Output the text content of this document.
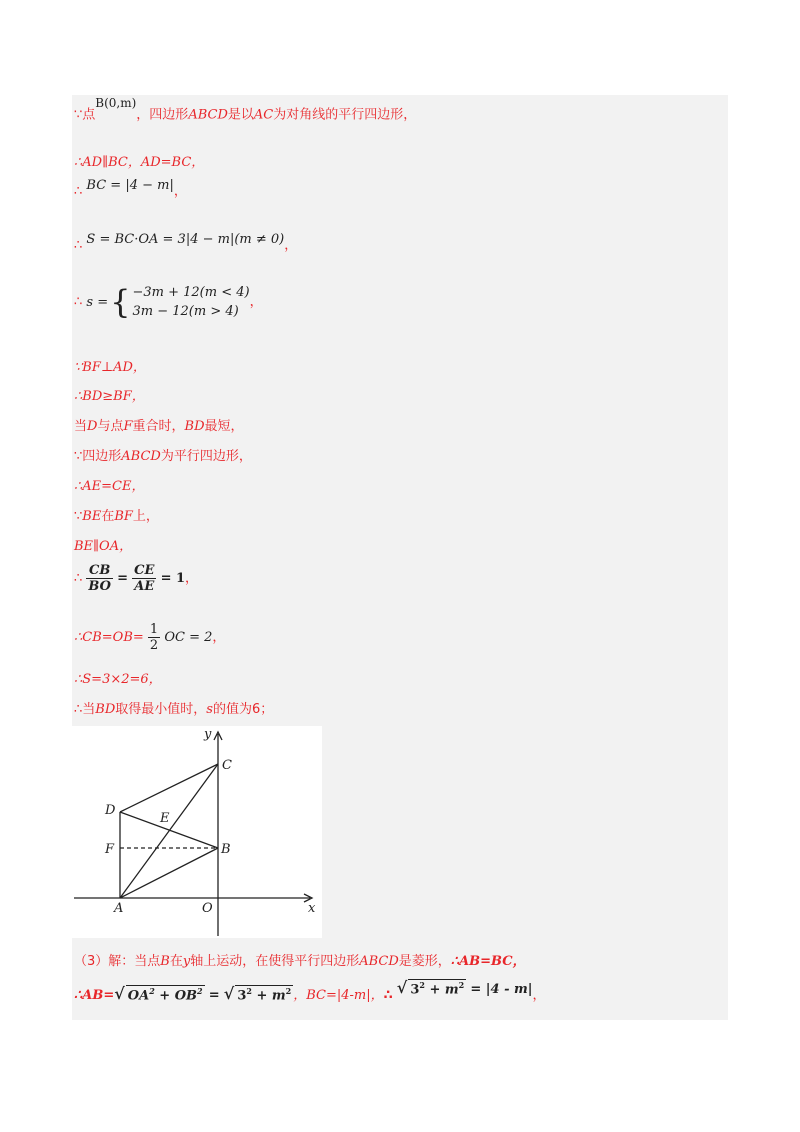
∵点$^{B(0,m)}$，四边形ABCD是以AC为对角线的平行四边形，
∴AD∥BC，AD=BC，
∴ BC = |4 − m|，
∴ S = BC·OA = 3|4 − m|(m ≠ 0)，
∴ s = { −3m + 12(m < 4)
3m − 12(m > 4)
，
∵BF⊥AD，
∴BD≥BF，
当D与点F重合时，BD最短，
∵四边形ABCD为平行四边形，
∴AE=CE，
∵BE在BF上，
BE∥OA，
∴ $\frac{CB}{BO} = \frac{CE}{AE} = 1$，
∴CB=OB= $\frac{1}{2}$ OC = 2，
∴S=3×2=6，
∴当BD取得最小值时，s的值为6；
y
x
C
D
E
F	B
A	O
（3）解：当点B在y轴上运动，在使得平行四边形ABCD是菱形，∴AB=BC，
∴AB=√ $OA^2 + OB^2$ = √ $3^2 + m^2$ ，BC=|4-m|，∴ √ $3^2 + m^2 = |4 - m|$，
